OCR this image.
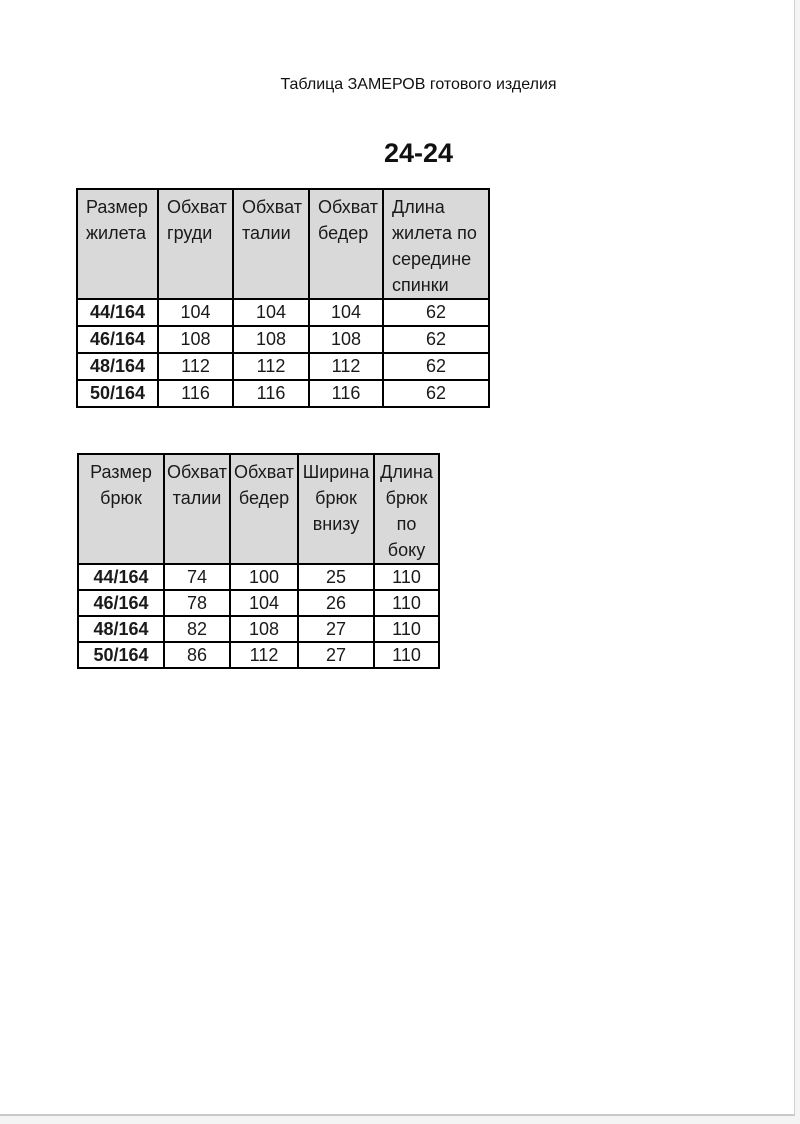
Таблица ЗАМЕРОВ готового изделия
24-24
Размер жилета	Обхват груди	Обхват талии	Обхват бедер	Длина жилета по середине спинки
44/164	104	104	104	62
46/164	108	108	108	62
48/164	112	112	112	62
50/164	116	116	116	62
Размер брюк	Обхват талии	Обхват бедер	Ширина брюк внизу	Длина брюк по боку
44/164	74	100	25	110
46/164	78	104	26	110
48/164	82	108	27	110
50/164	86	112	27	110
